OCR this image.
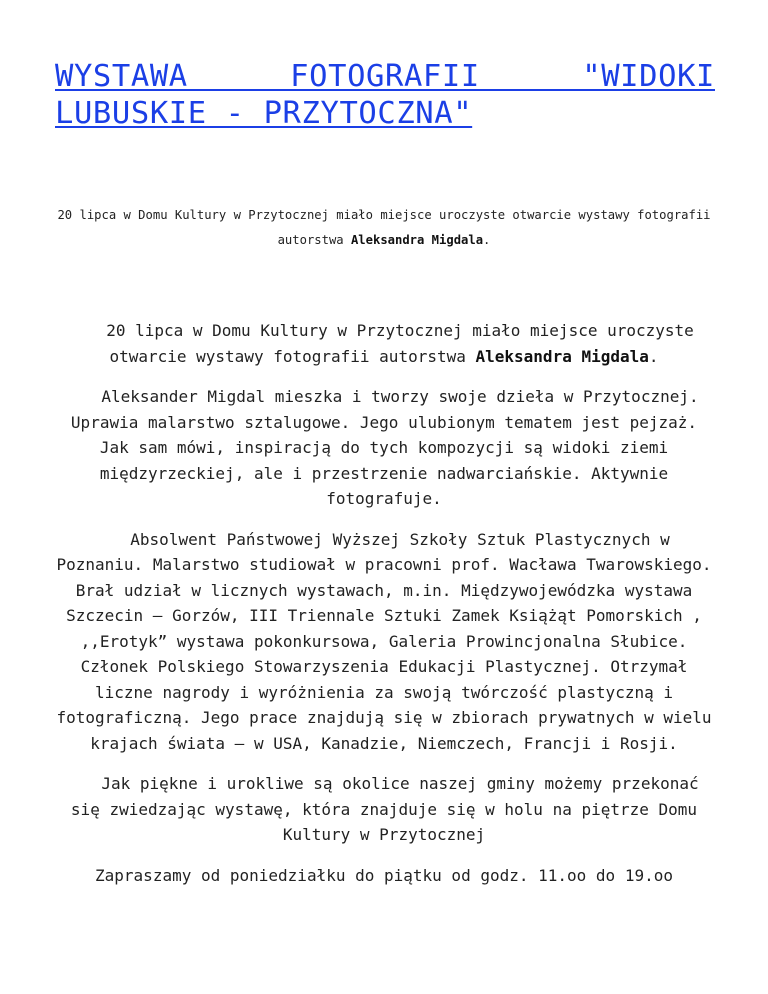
WYSTAWA FOTOGRAFII "WIDOKI LUBUSKIE - PRZYTOCZNA"

20 lipca w Domu Kultury w Przytocznej miało miejsce uroczyste otwarcie wystawy fotografii autorstwa Aleksandra Migdala.

20 lipca w Domu Kultury w Przytocznej miało miejsce uroczyste otwarcie wystawy fotografii autorstwa Aleksandra Migdala.

Aleksander Migdal mieszka i tworzy swoje dzieła w Przytocznej. Uprawia malarstwo sztalugowe. Jego ulubionym tematem jest pejzaż. Jak sam mówi, inspiracją do tych kompozycji są widoki ziemi międzyrzeckiej, ale i przestrzenie nadwarciańskie. Aktywnie fotografuje.

Absolwent Państwowej Wyższej Szkoły Sztuk Plastycznych w Poznaniu. Malarstwo studiował w pracowni prof. Wacława Twarowskiego. Brał udział w licznych wystawach, m.in. Międzywojewódzka wystawa Szczecin – Gorzów, III Triennale Sztuki Zamek Książąt Pomorskich , ,,Erotyk” wystawa pokonkursowa, Galeria Prowincjonalna Słubice. Członek Polskiego Stowarzyszenia Edukacji Plastycznej. Otrzymał liczne nagrody i wyróżnienia za swoją twórczość plastyczną i fotograficzną. Jego prace znajdują się w zbiorach prywatnych w wielu krajach świata – w USA, Kanadzie, Niemczech, Francji i Rosji.

Jak piękne i urokliwe są okolice naszej gminy możemy przekonać się zwiedzając wystawę, która znajduje się w holu na piętrze Domu Kultury w Przytocznej

Zapraszamy od poniedziałku do piątku od godz. 11.oo do 19.oo
